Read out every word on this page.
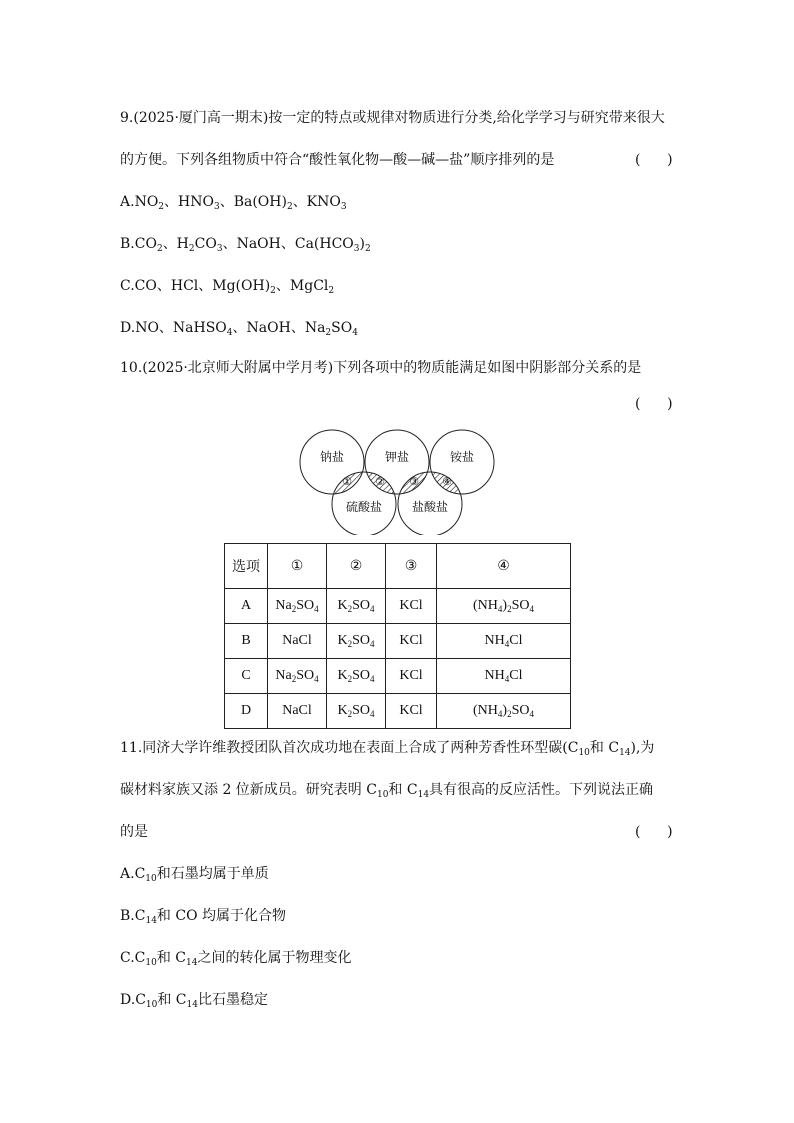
9.(2025·厦门高一期末)按一定的特点或规律对物质进行分类,给化学学习与研究带来很大
的方便。下列各组物质中符合“酸性氧化物—酸—碱—盐”顺序排列的是	(      )
$A.NO_2$、$HNO_3$、$Ba(OH)_2$、$KNO_3$
$B.CO_2$、$H_2CO_3$、NaOH、$Ca(HCO_3)_2$
C.CO、HCl、$Mg(OH)_2$、MgCl$_2$
D.NO、NaHSO$_4$、NaOH、$Na_2SO_4$
10.(2025·北京师大附属中学月考)下列各项中的物质能满足如图中阴影部分关系的是
(      )
钠盐	钾盐	铵盐
硫酸盐 盐酸盐
① ② ③ ④
选项	①	②	③	④
A	$Na_2SO_4$	$K_2SO_4$	KCl	$(NH_4)_2SO_4$
B	NaCl	$K_2SO_4$	KCl	$NH_4Cl$
C	$Na_2SO_4$	$K_2SO_4$	KCl	$NH_4Cl$
D	NaCl	$K_2SO_4$	KCl	$(NH_4)_2SO_4$
11.同济大学许维教授团队首次成功地在表面上合成了两种芳香性环型碳($C_{10}$和 $C_{14}$),为
碳材料家族又添 2 位新成员。研究表明 $C_{10}$和 $C_{14}$具有很高的反应活性。下列说法正确
的是	(      )
$A.C_{10}$和石墨均属于单质
$B.C_{14}$和 CO 均属于化合物
$C.C_{10}$和 $C_{14}$之间的转化属于物理变化
$D.C_{10}$和 $C_{14}$比石墨稳定
